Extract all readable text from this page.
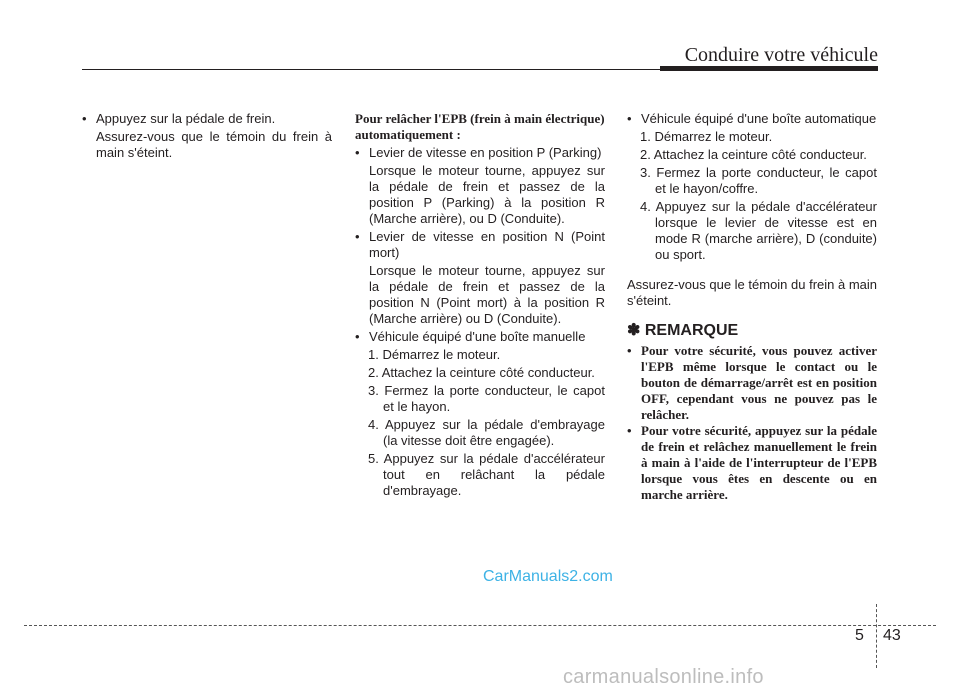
Conduire votre véhicule
• Appuyez sur la pédale de frein.
Assurez-vous que le témoin du frein à main s'éteint.
Pour relâcher l'EPB (frein à main électrique) automatiquement :
• Levier de vitesse en position P (Parking)
Lorsque le moteur tourne, appuyez sur la pédale de frein et passez de la position P (Parking) à la position R (Marche arrière), ou D (Conduite).
• Levier de vitesse en position N (Point mort)
Lorsque le moteur tourne, appuyez sur la pédale de frein et passez de la position N (Point mort) à la position R (Marche arrière) ou D (Conduite).
• Véhicule équipé d'une boîte manuelle
1. Démarrez le moteur.
2. Attachez la ceinture côté conducteur.
3. Fermez la porte conducteur, le capot et le hayon.
4. Appuyez sur la pédale d'embrayage (la vitesse doit être engagée).
5. Appuyez sur la pédale d'accélérateur tout en relâchant la pédale d'embrayage.
• Véhicule équipé d'une boîte automatique
1. Démarrez le moteur.
2. Attachez la ceinture côté conducteur.
3. Fermez la porte conducteur, le capot et le hayon/coffre.
4. Appuyez sur la pédale d'accélérateur lorsque le levier de vitesse est en mode R (marche arrière), D (conduite) ou sport.
Assurez-vous que le témoin du frein à main s'éteint.
✽ REMARQUE
• Pour votre sécurité, vous pouvez activer l'EPB même lorsque le contact ou le bouton de démarrage/arrêt est en position OFF, cependant vous ne pouvez pas le relâcher.
• Pour votre sécurité, appuyez sur la pédale de frein et relâchez manuellement le frein à main à l'aide de l'interrupteur de l'EPB lorsque vous êtes en descente ou en marche arrière.
CarManuals2.com
5 43
carmanualsonline.info
